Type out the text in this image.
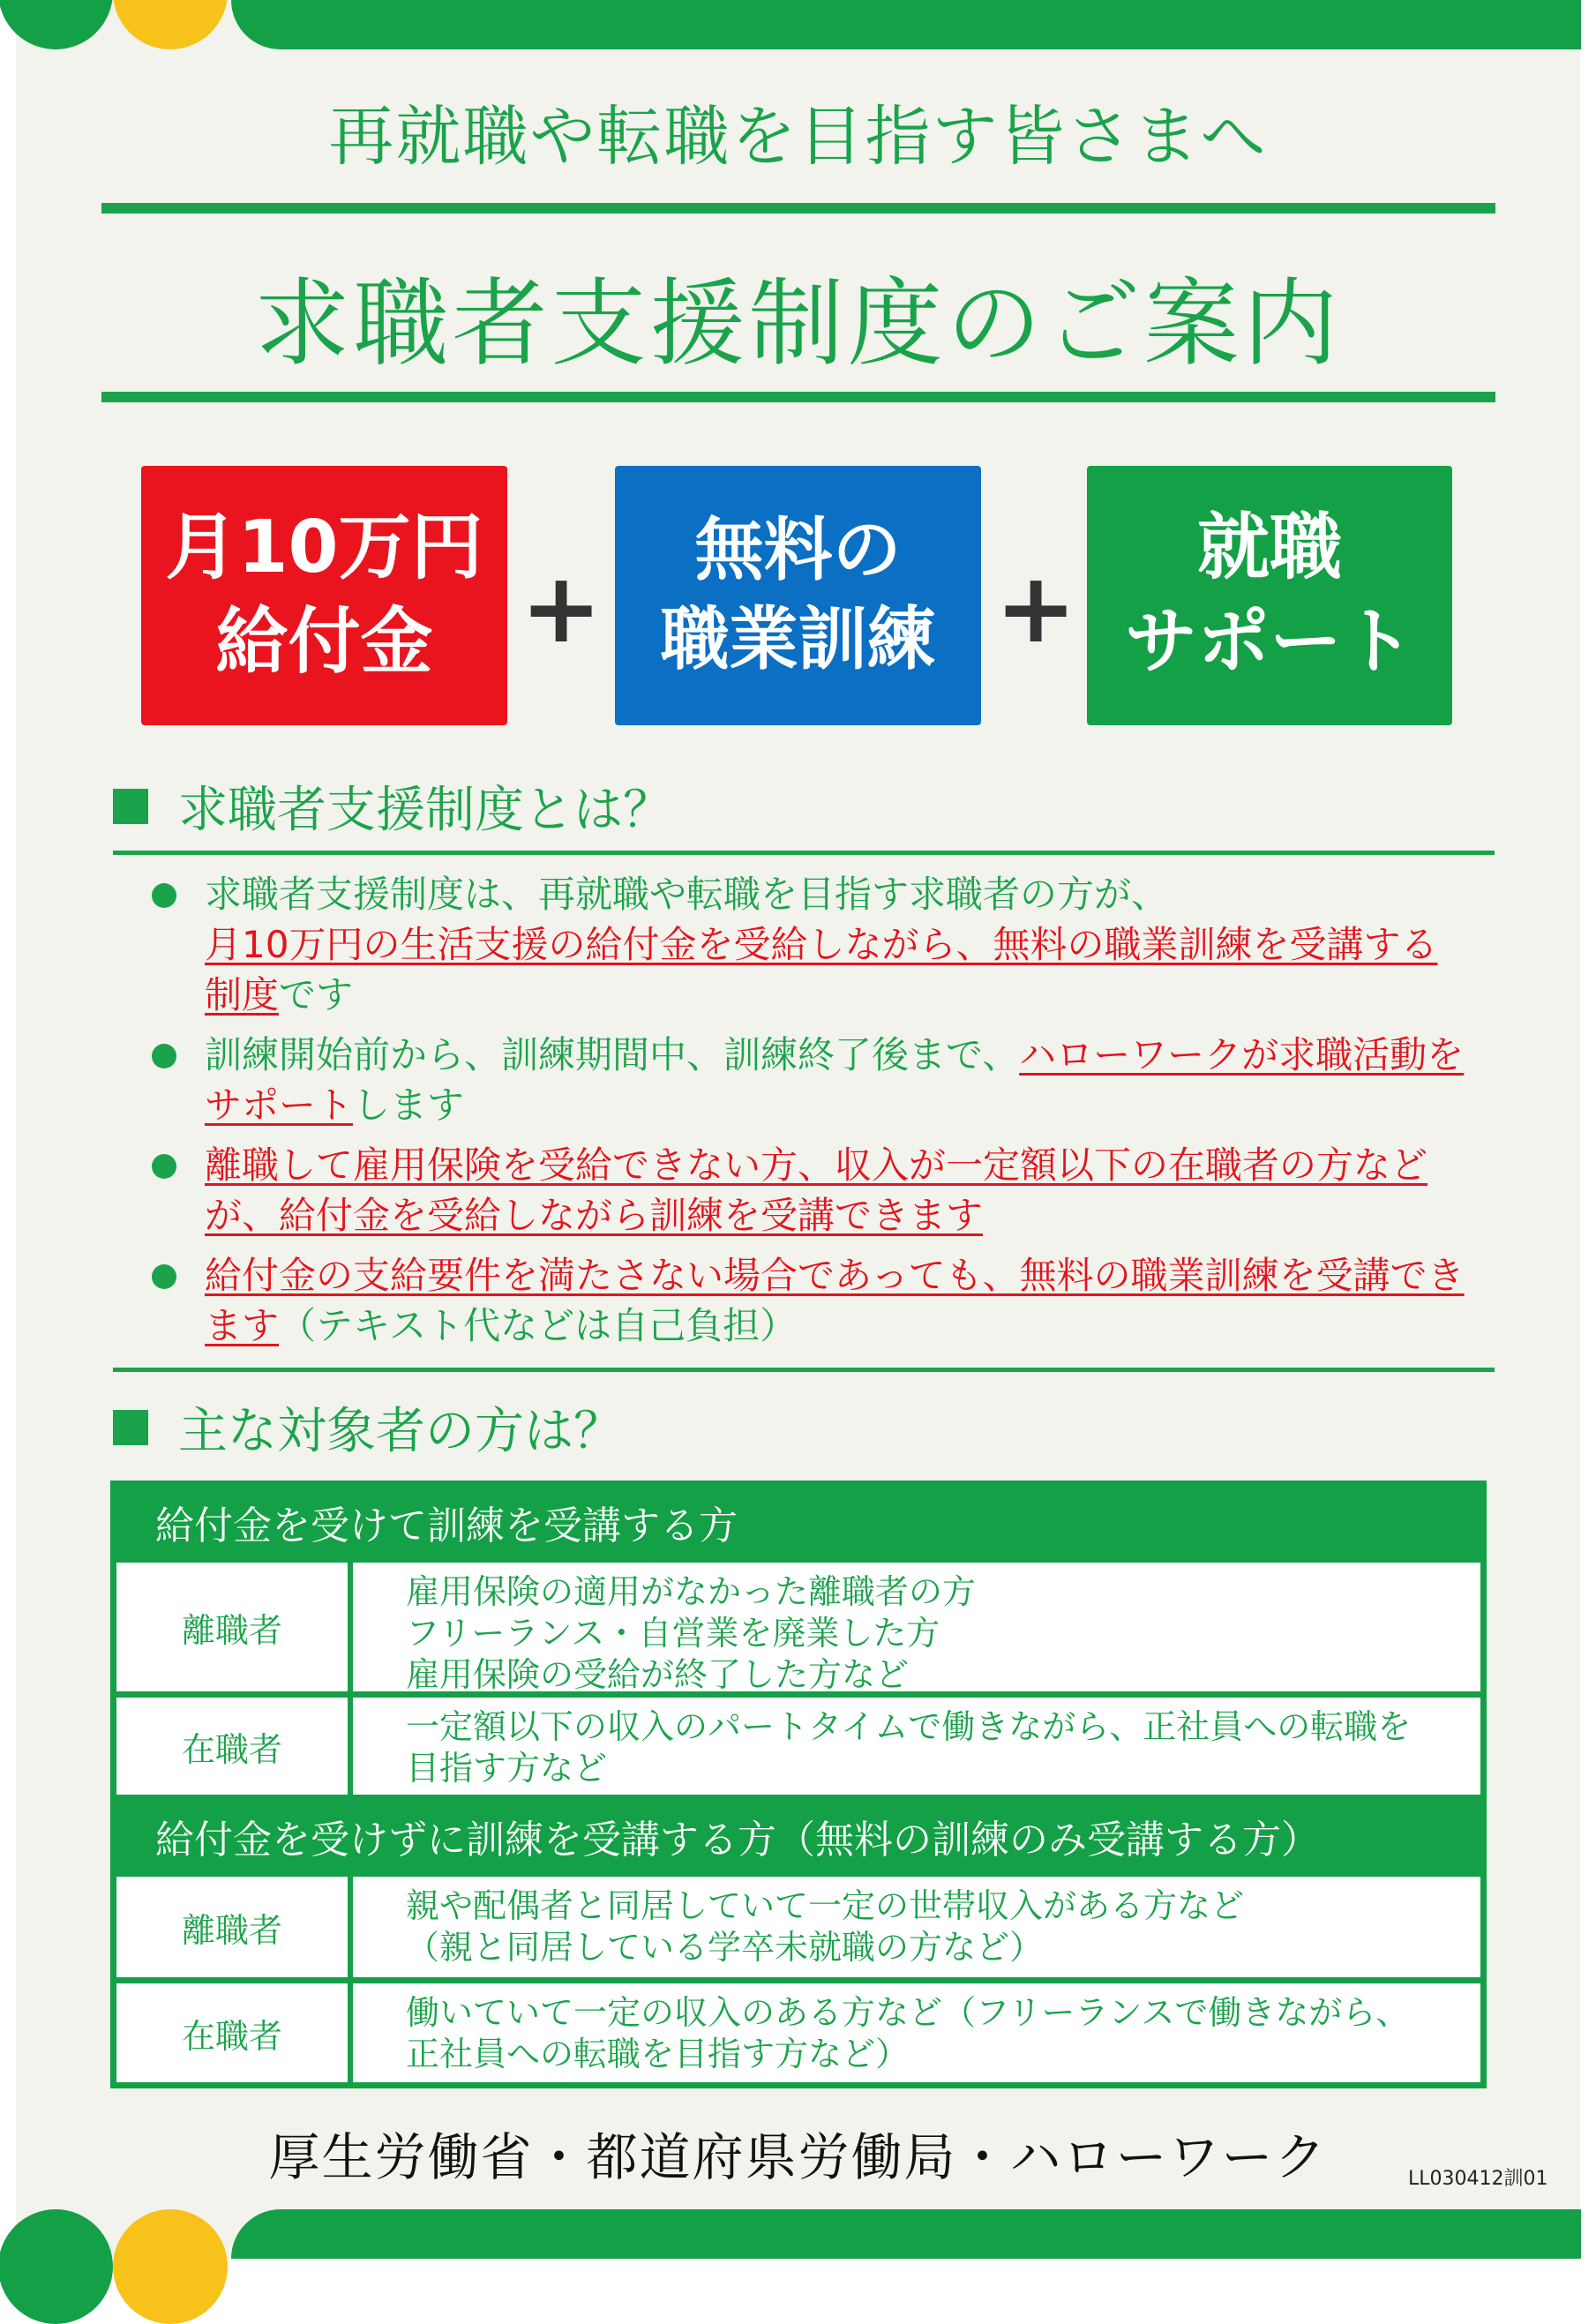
再就職や転職を目指す皆さまへ
求職者支援制度のご案内
月10万円
給付金 +
無料の
職業訓練 +
就職
サポート
求職者支援制度とは？
求職者支援制度は、再就職や転職を目指す求職者の方が、
月10万円の生活支援の給付金を受給しながら、無料の職業訓練を受講する制度です
訓練開始前から、訓練期間中、訓練終了後まで、ハローワークが求職活動をサポートします
離職して雇用保険を受給できない方、収入が一定額以下の在職者の方などが、給付金を受給しながら訓練を受講できます
給付金の支給要件を満たさない場合であっても、無料の職業訓練を受講できます（テキスト代などは自己負担）
主な対象者の方は？
給付金を受けて訓練を受講する方
離職者
雇用保険の適用がなかった離職者の方
フリーランス・自営業を廃業した方
雇用保険の受給が終了した方など
在職者
一定額以下の収入のパートタイムで働きながら、正社員への転職を
目指す方など
給付金を受けずに訓練を受講する方（無料の訓練のみ受講する方）
離職者
親や配偶者と同居していて一定の世帯収入がある方など
（親と同居している学卒未就職の方など）
在職者
働いていて一定の収入のある方など（フリーランスで働きながら、
正社員への転職を目指す方など）
厚生労働省・都道府県労働局・ハローワーク	LL030412訓01
